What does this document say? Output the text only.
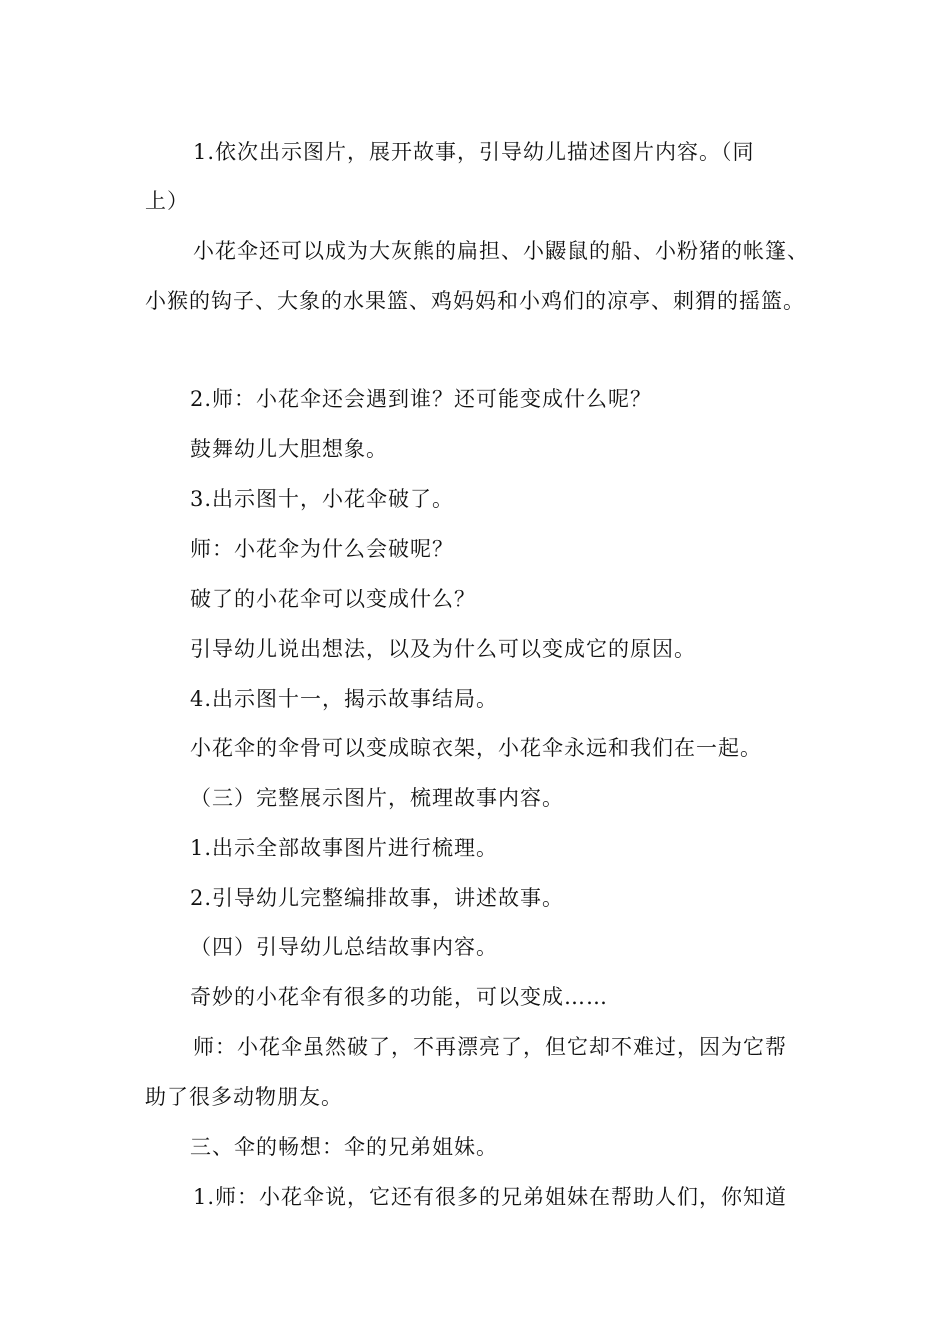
1.依次出示图片，展开故事，引导幼儿描述图片内容。（同
上）
小花伞还可以成为大灰熊的扁担、小鼹鼠的船、小粉猪的帐篷、
小猴的钩子、大象的水果篮、鸡妈妈和小鸡们的凉亭、刺猬的摇篮。
2.师：小花伞还会遇到谁？还可能变成什么呢？
鼓舞幼儿大胆想象。
3.出示图十，小花伞破了。
师：小花伞为什么会破呢？
破了的小花伞可以变成什么？
引导幼儿说出想法，以及为什么可以变成它的原因。
4.出示图十一，揭示故事结局。
小花伞的伞骨可以变成晾衣架，小花伞永远和我们在一起。
（三）完整展示图片，梳理故事内容。
1.出示全部故事图片进行梳理。
2.引导幼儿完整编排故事，讲述故事。
（四）引导幼儿总结故事内容。
奇妙的小花伞有很多的功能，可以变成……
师：小花伞虽然破了，不再漂亮了，但它却不难过，因为它帮
助了很多动物朋友。
三、伞的畅想：伞的兄弟姐妹。
1.师：小花伞说，它还有很多的兄弟姐妹在帮助人们，你知道
